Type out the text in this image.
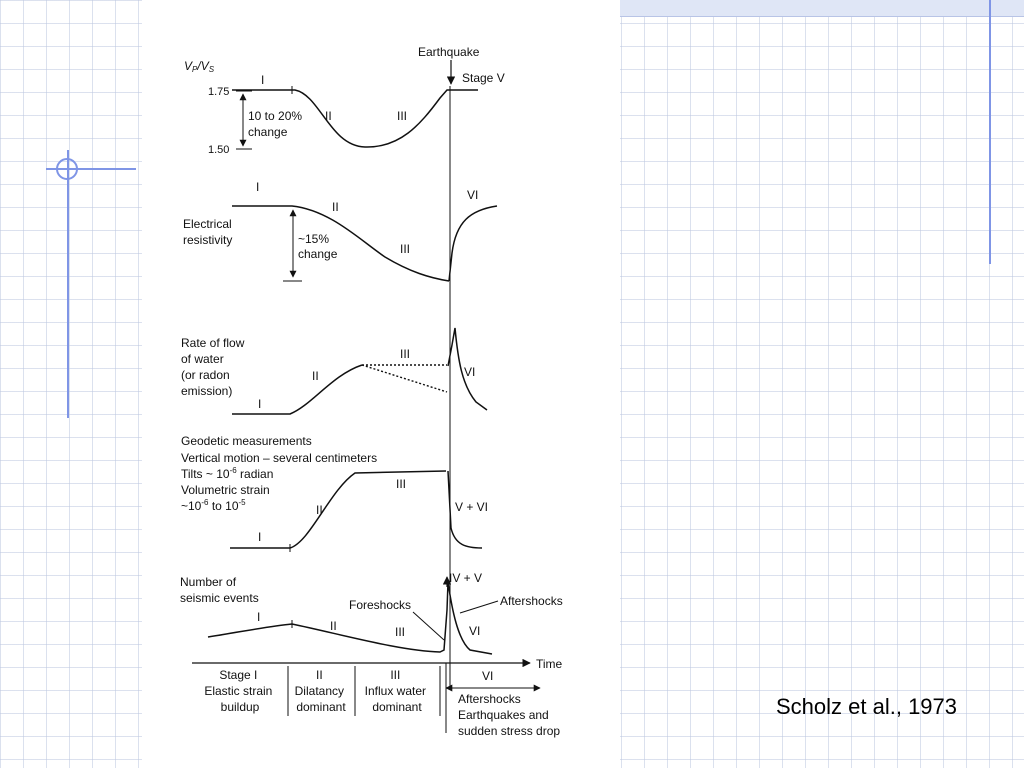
Earthquake
Stage V
VP/VS
1.75
1.50
10 to 20%
change
I
II	III
Electrical resistivity	~15%
change
I
II
III
VI
Rate of flow of water (or radon emission)
I
II
III
VI
Geodetic measurements Vertical motion – several centimeters Tilts ~ $10^{-6}$ radian Volumetric strain $\sim 10^{-6}$ to $10^{-5}$
I
II
III
V + VI
Number of seismic events
IV + V
Foreshocks	Aftershocks
I
II	III	VI
Time
Stage I Elastic strain buildup
II Dilatancy dominant
III Influx water dominant
VI
Aftershocks Earthquakes and sudden stress drop
Scholz et al., 1973
